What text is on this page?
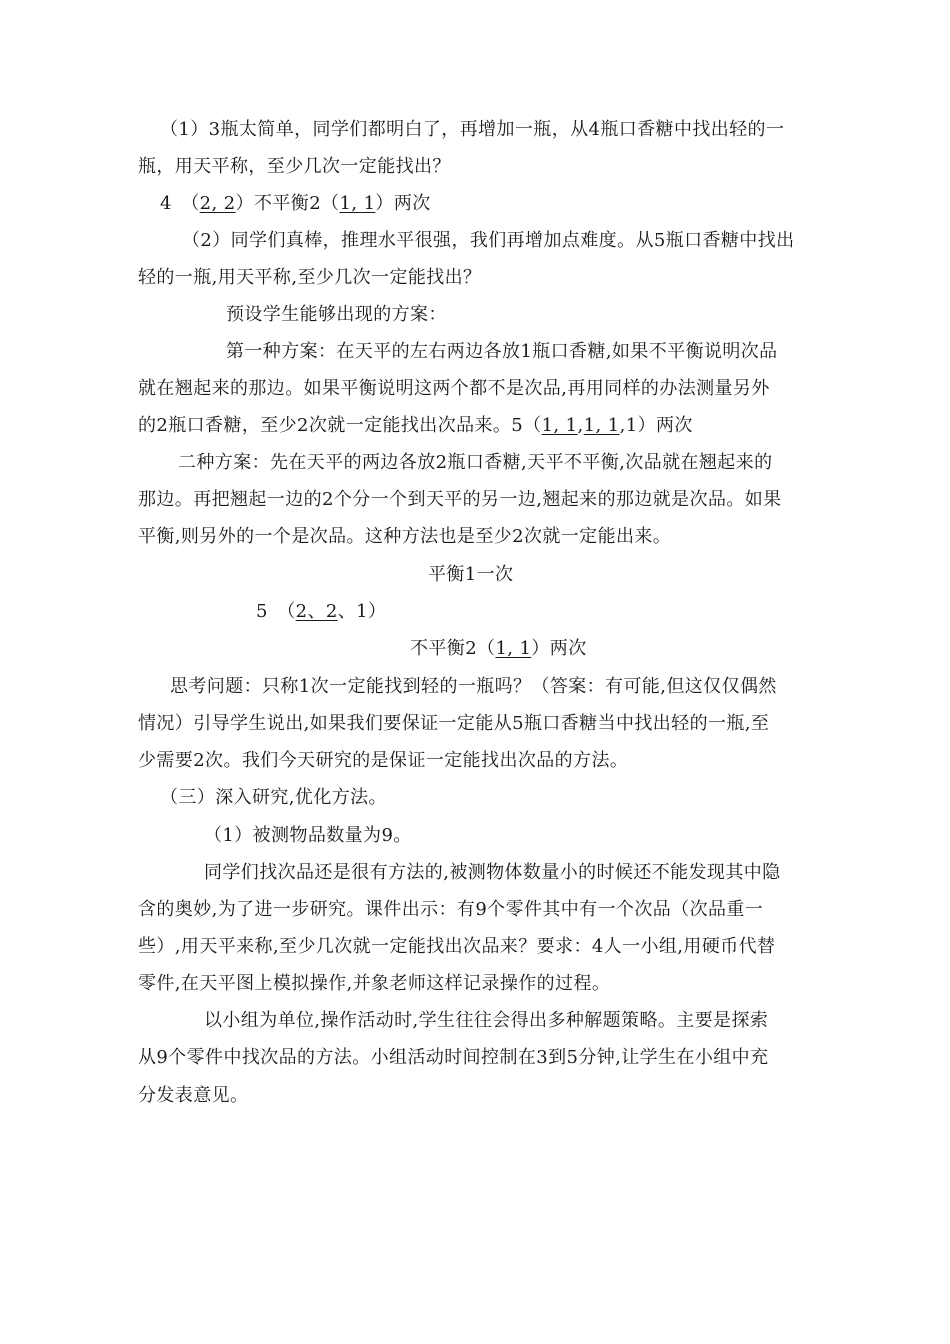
（1）3瓶太简单，同学们都明白了，再增加一瓶，从4瓶口香糖中找出轻的一
瓶，用天平称，至少几次一定能找出？
4　（2, 2）不平衡2（1, 1）两次
（2）同学们真棒，推理水平很强，我们再增加点难度。从5瓶口香糖中找出
轻的一瓶,用天平称,至少几次一定能找出？
预设学生能够出现的方案：
第一种方案：在天平的左右两边各放1瓶口香糖,如果不平衡说明次品
就在翘起来的那边。如果平衡说明这两个都不是次品,再用同样的办法测量另外
的2瓶口香糖，至少2次就一定能找出次品来。5（1, 1,1, 1,1）两次
二种方案：先在天平的两边各放2瓶口香糖,天平不平衡,次品就在翘起来的
那边。再把翘起一边的2个分一个到天平的另一边,翘起来的那边就是次品。如果
平衡,则另外的一个是次品。这种方法也是至少2次就一定能出来。
平衡1一次
5　（2、2、1）
不平衡2（1, 1）两次
思考问题：只称1次一定能找到轻的一瓶吗？（答案：有可能,但这仅仅偶然
情况）引导学生说出,如果我们要保证一定能从5瓶口香糖当中找出轻的一瓶,至
少需要2次。我们今天研究的是保证一定能找出次品的方法。
（三）深入研究,优化方法。
（1）被测物品数量为9。
同学们找次品还是很有方法的,被测物体数量小的时候还不能发现其中隐
含的奥妙,为了进一步研究。课件出示：有9个零件其中有一个次品（次品重一
些）,用天平来称,至少几次就一定能找出次品来？要求：4人一小组,用硬币代替
零件,在天平图上模拟操作,并象老师这样记录操作的过程。
以小组为单位,操作活动时,学生往往会得出多种解题策略。主要是探索
从9个零件中找次品的方法。小组活动时间控制在3到5分钟,让学生在小组中充
分发表意见。
